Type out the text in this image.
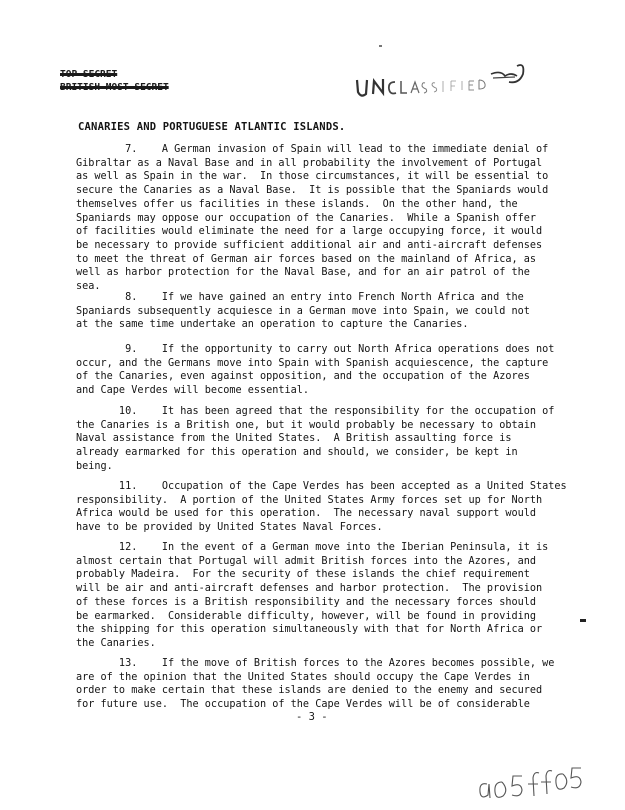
TOP SECRET
BRITISH MOST SECRET
CANARIES AND PORTUGUESE ATLANTIC ISLANDS.

7.    A German invasion of Spain will lead to the immediate denial of

Gibraltar as a Naval Base and in all probability the involvement of Portugal

as well as Spain in the war.  In those circumstances, it will be essential to

secure the Canaries as a Naval Base.  It is possible that the Spaniards would

themselves offer us facilities in these islands.  On the other hand, the

Spaniards may oppose our occupation of the Canaries.  While a Spanish offer

of facilities would eliminate the need for a large occupying force, it would

be necessary to provide sufficient additional air and anti-aircraft defenses

to meet the threat of German air forces based on the mainland of Africa, as

well as harbor protection for the Naval Base, and for an air patrol of the

sea.

8.    If we have gained an entry into French North Africa and the

Spaniards subsequently acquiesce in a German move into Spain, we could not

at the same time undertake an operation to capture the Canaries.

9.    If the opportunity to carry out North Africa operations does not

occur, and the Germans move into Spain with Spanish acquiescence, the capture

of the Canaries, even against opposition, and the occupation of the Azores

and Cape Verdes will become essential.

10.    It has been agreed that the responsibility for the occupation of

the Canaries is a British one, but it would probably be necessary to obtain

Naval assistance from the United States.  A British assaulting force is

already earmarked for this operation and should, we consider, be kept in

being.

11.    Occupation of the Cape Verdes has been accepted as a United States

responsibility.  A portion of the United States Army forces set up for North

Africa would be used for this operation.  The necessary naval support would

have to be provided by United States Naval Forces.

12.    In the event of a German move into the Iberian Peninsula, it is

almost certain that Portugal will admit British forces into the Azores, and

probably Madeira.  For the security of these islands the chief requirement

will be air and anti-aircraft defenses and harbor protection.  The provision

of these forces is a British responsibility and the necessary forces should

be earmarked.  Considerable difficulty, however, will be found in providing

the shipping for this operation simultaneously with that for North Africa or

the Canaries.

13.    If the move of British forces to the Azores becomes possible, we

are of the opinion that the United States should occupy the Cape Verdes in

order to make certain that these islands are denied to the enemy and secured

for future use.  The occupation of the Cape Verdes will be of considerable

- 3 -
